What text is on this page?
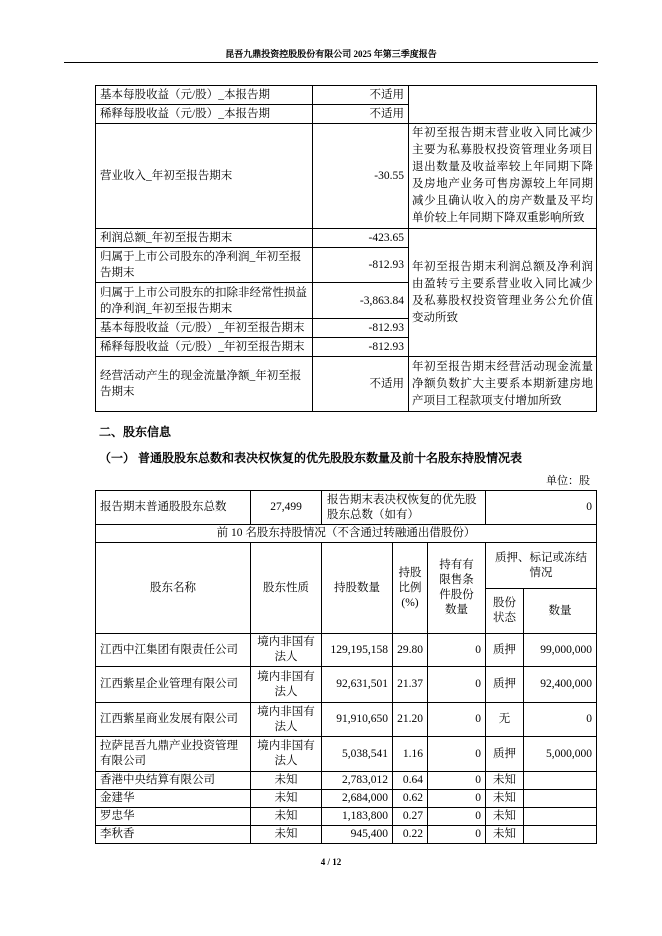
昆吾九鼎投资控股股份有限公司 2025 年第三季度报告
基本每股收益（元/股）_本报告期	不适用	
稀释每股收益（元/股）_本报告期	不适用	
营业收入_年初至报告期末	-30.55	年初至报告期末营业收入同比减少主要为私募股权投资管理业务项目退出数量及收益率较上年同期下降及房地产业务可售房源较上年同期减少且确认收入的房产数量及平均单价较上年同期下降双重影响所致
利润总额_年初至报告期末	-423.65	年初至报告期末利润总额及净利润由盈转亏主要系营业收入同比减少及私募股权投资管理业务公允价值变动所致
归属于上市公司股东的净利润_年初至报告期末	-812.93	
归属于上市公司股东的扣除非经常性损益的净利润_年初至报告期末	-3,863.84	
基本每股收益（元/股）_年初至报告期末	-812.93	
稀释每股收益（元/股）_年初至报告期末	-812.93	
经营活动产生的现金流量净额_年初至报告期末	不适用	年初至报告期末经营活动现金流量净额负数扩大主要系本期新建房地产项目工程款项支付增加所致
二、股东信息
（一） 普通股股东总数和表决权恢复的优先股股东数量及前十名股东持股情况表
单位：股
报告期末普通股股东总数	27,499	报告期末表决权恢复的优先股股东总数（如有）			0	
前 10 名股东持股情况（不含通过转融通出借股份）						
股东名称	股东性质	持股数量	持股比例(%)	持有有限售条件股份数量	质押、标记或冻结情况	
					股份状态	数量
江西中江集团有限责任公司	境内非国有法人	129,195,158	29.80	0	质押	99,000,000
江西紫星企业管理有限公司	境内非国有法人	92,631,501	21.37	0	质押	92,400,000
江西紫星商业发展有限公司	境内非国有法人	91,910,650	21.20	0	无	0
拉萨昆吾九鼎产业投资管理有限公司	境内非国有法人	5,038,541	1.16	0	质押	5,000,000
香港中央结算有限公司	未知	2,783,012	0.64	0	未知	
金建华	未知	2,684,000	0.62	0	未知	
罗忠华	未知	1,183,800	0.27	0	未知	
李秋香	未知	945,400	0.22	0	未知	
4 / 12
